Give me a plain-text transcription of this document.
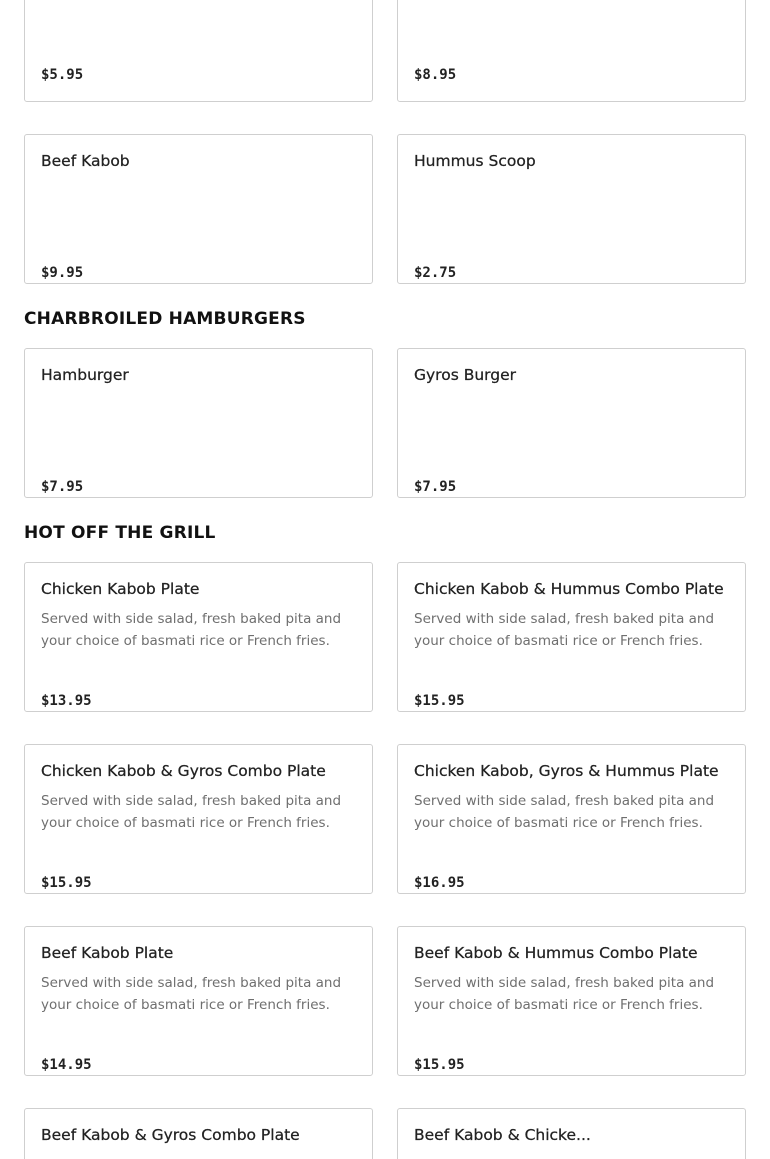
$5.95	$8.95
Beef Kabob
$9.95
Hummus Scoop
$2.75
CHARBROILED HAMBURGERS
Hamburger
$7.95
Gyros Burger
$7.95
HOT OFF THE GRILL
Chicken Kabob Plate
Served with side salad, fresh baked pita and your choice of basmati rice or French fries.
$13.95
Chicken Kabob & Hummus Combo Plate
Served with side salad, fresh baked pita and your choice of basmati rice or French fries.
$15.95
Chicken Kabob & Gyros Combo Plate
Served with side salad, fresh baked pita and your choice of basmati rice or French fries.
$15.95
Chicken Kabob, Gyros & Hummus Plate
Served with side salad, fresh baked pita and your choice of basmati rice or French fries.
$16.95
Beef Kabob Plate
Served with side salad, fresh baked pita and your choice of basmati rice or French fries.
$14.95
Beef Kabob & Hummus Combo Plate
Served with side salad, fresh baked pita and your choice of basmati rice or French fries.
$15.95
Beef Kabob & Gyros Combo Plate	Beef Kabob & Chicke...
